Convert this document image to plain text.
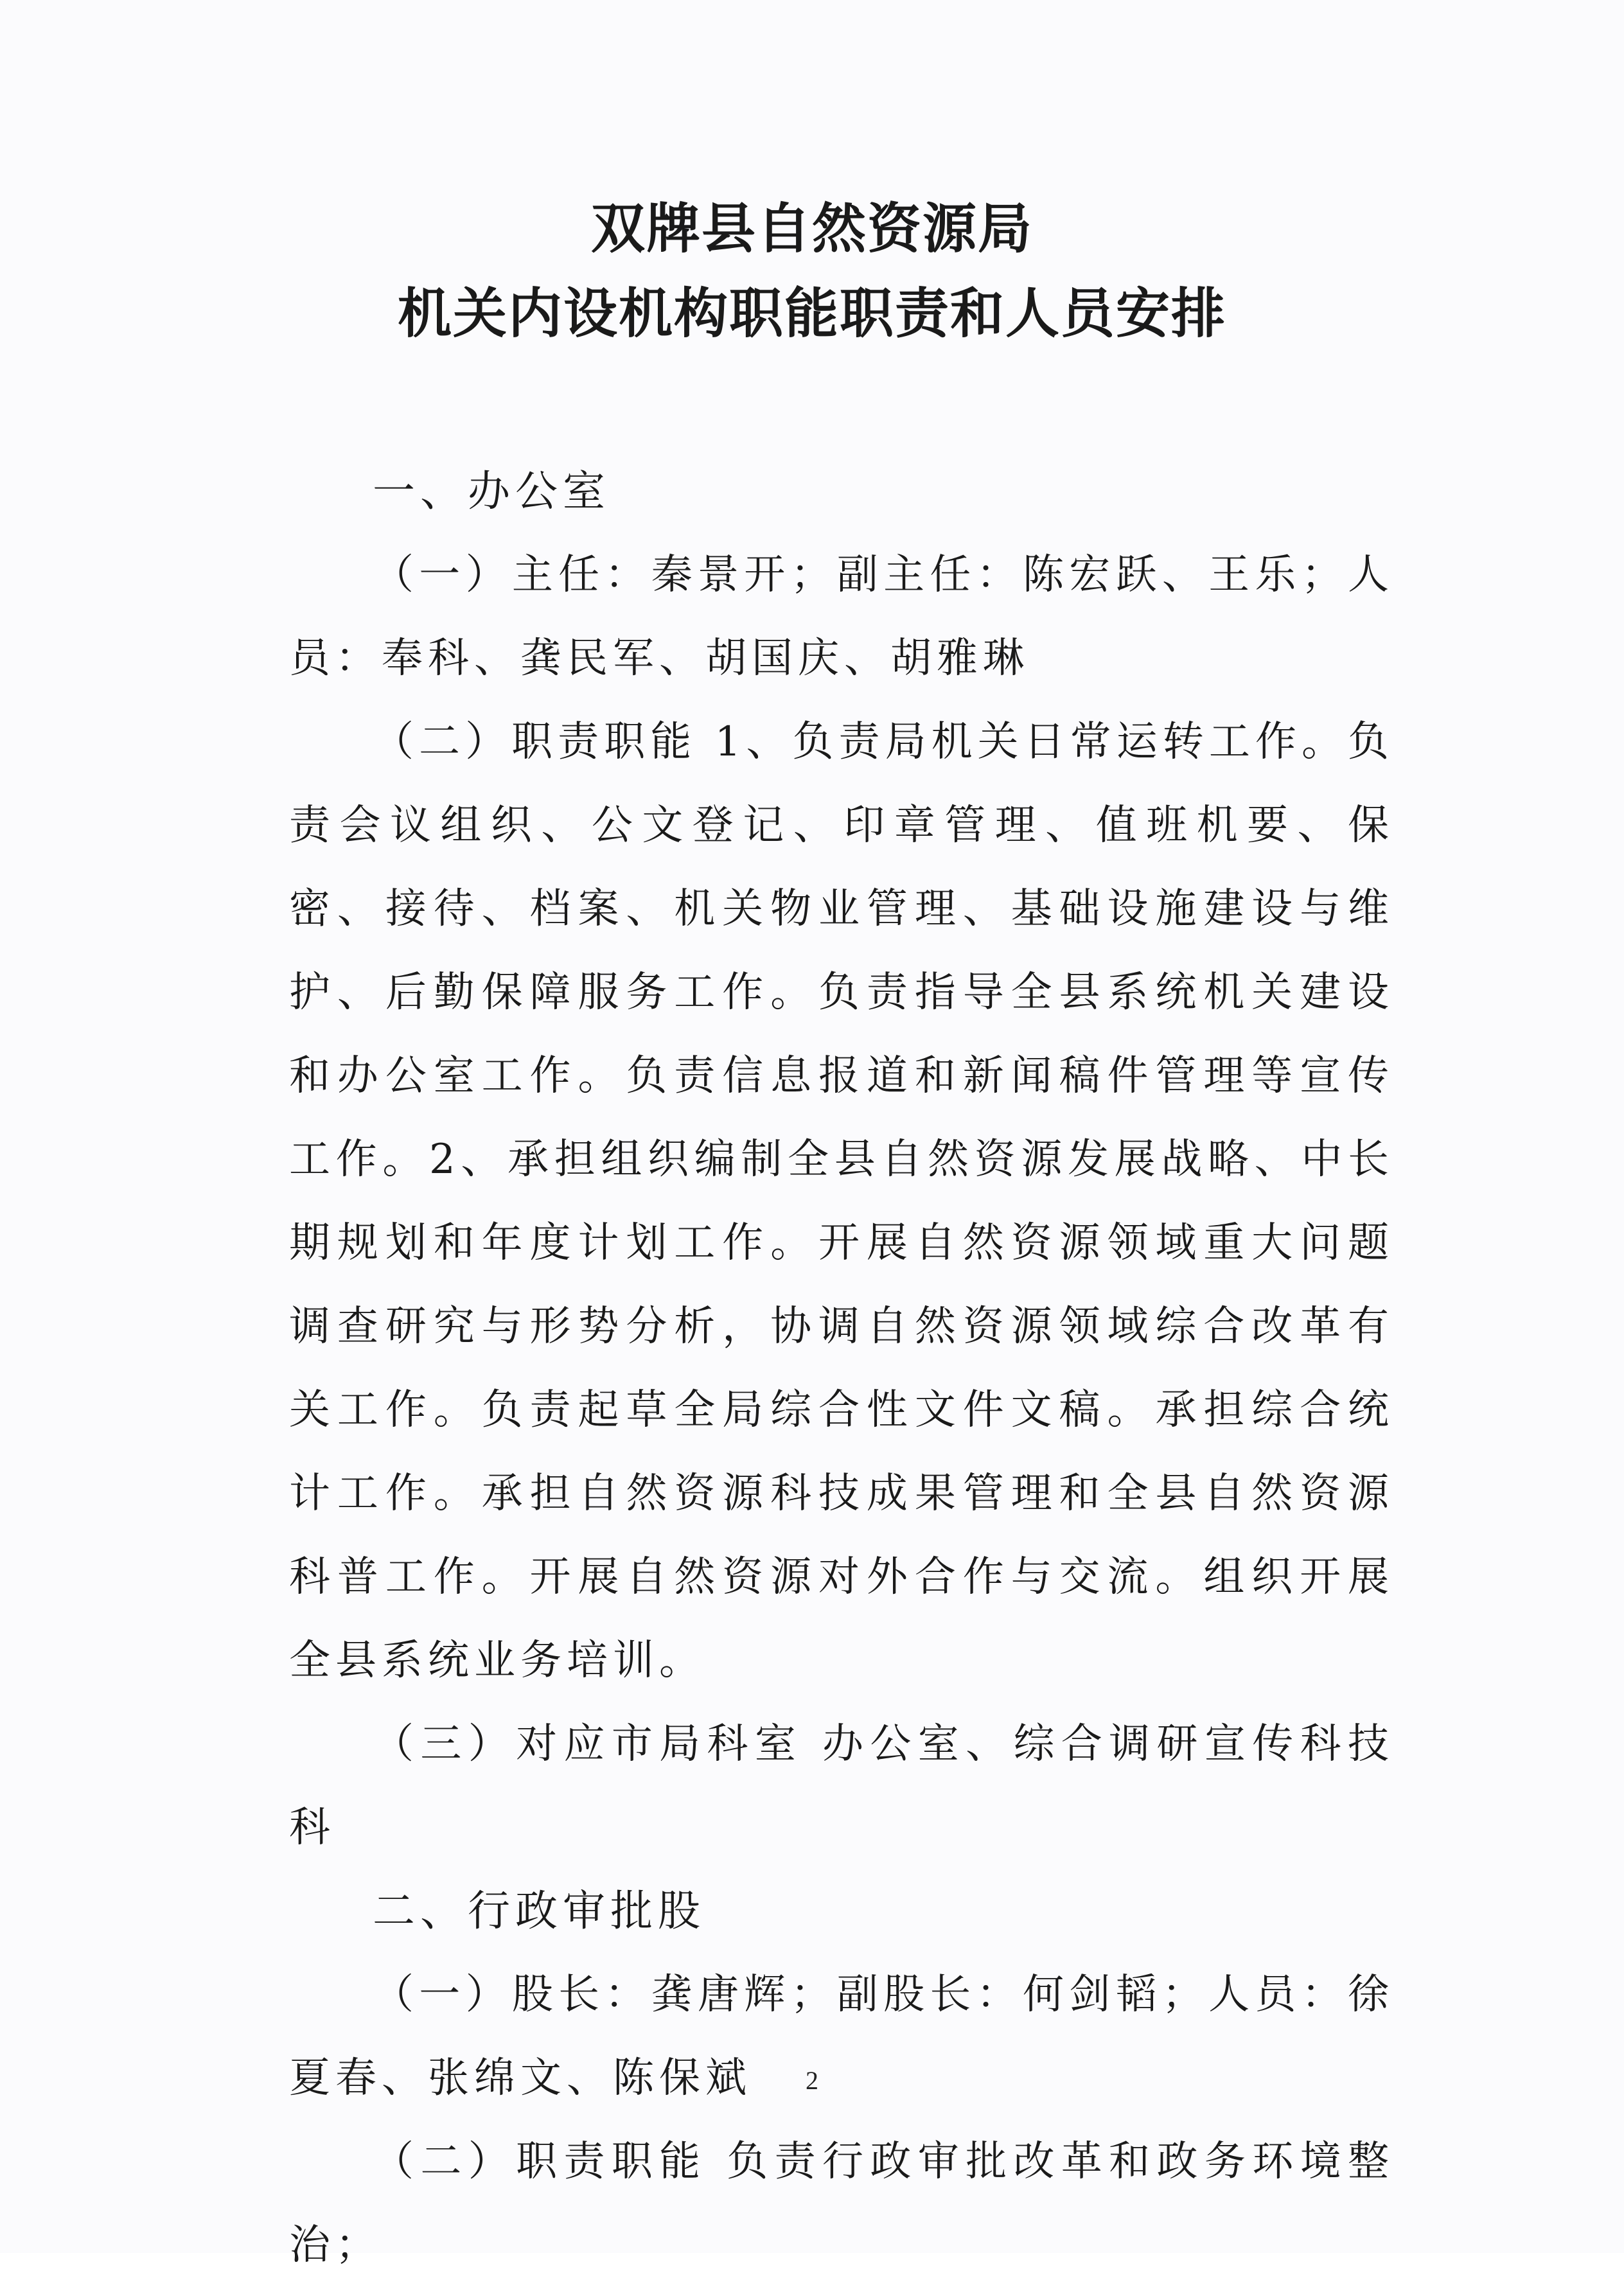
双牌县自然资源局
机关内设机构职能职责和人员安排

一、办公室

（一）主任：秦景开；副主任：陈宏跃、王乐；人员：奉科、龚民军、胡国庆、胡雅琳

（二）职责职能 1、负责局机关日常运转工作。负责会议组织、公文登记、印章管理、值班机要、保密、接待、档案、机关物业管理、基础设施建设与维护、后勤保障服务工作。负责指导全县系统机关建设和办公室工作。负责信息报道和新闻稿件管理等宣传工作。2、承担组织编制全县自然资源发展战略、中长期规划和年度计划工作。开展自然资源领域重大问题调查研究与形势分析，协调自然资源领域综合改革有关工作。负责起草全局综合性文件文稿。承担综合统计工作。承担自然资源科技成果管理和全县自然资源科普工作。开展自然资源对外合作与交流。组织开展全县系统业务培训。

（三）对应市局科室 办公室、综合调研宣传科技科

二、行政审批股

（一）股长：龚唐辉；副股长：何剑韬；人员：徐夏春、张绵文、陈保斌

（二）职责职能 负责行政审批改革和政务环境整治；

2
